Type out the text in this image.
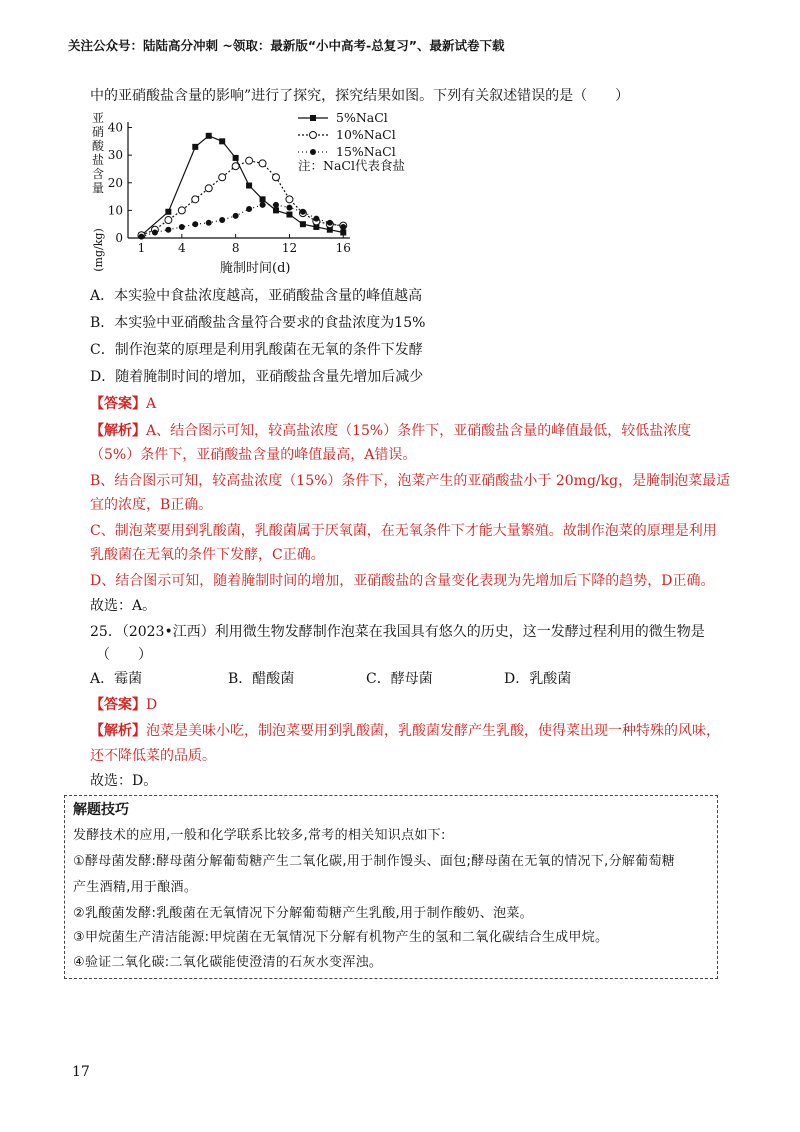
关注公众号：陆陆高分冲刺 ~领取：最新版“小中高考-总复习”、最新试卷下载
中的亚硝酸盐含量的影响”进行了探究，探究结果如图。下列有关叙述错误的是（　　）
亚
硝
酸
盐
含
量
(mg/kg) 0
10
20
30
40
1	4	8	12	16
腌制时间(d)
5%NaCl
10%NaCl
15%NaCl
注：NaCl代表食盐
A．本实验中食盐浓度越高，亚硝酸盐含量的峰值越高
B．本实验中亚硝酸盐含量符合要求的食盐浓度为15%
C．制作泡菜的原理是利用乳酸菌在无氧的条件下发酵
D．随着腌制时间的增加，亚硝酸盐含量先增加后减少
【答案】A
【解析】A、结合图示可知，较高盐浓度（15%）条件下，亚硝酸盐含量的峰值最低，较低盐浓度
（5%）条件下，亚硝酸盐含量的峰值最高，A错误。
B、结合图示可知，较高盐浓度（15%）条件下，泡菜产生的亚硝酸盐小于 20mg/kg，是腌制泡菜最适
宜的浓度，B正确。
C、制泡菜要用到乳酸菌，乳酸菌属于厌氧菌，在无氧条件下才能大量繁殖。故制作泡菜的原理是利用
乳酸菌在无氧的条件下发酵，C正确。
D、结合图示可知，随着腌制时间的增加，亚硝酸盐的含量变化表现为先增加后下降的趋势，D正确。
故选：A。
25．（2023•江西）利用微生物发酵制作泡菜在我国具有悠久的历史，这一发酵过程利用的微生物是
（　　）
A．霉菌	B．醋酸菌	C．酵母菌	D．乳酸菌
【答案】D
【解析】泡菜是美味小吃，制泡菜要用到乳酸菌，乳酸菌发酵产生乳酸，使得菜出现一种特殊的风味，
还不降低菜的品质。
故选：D。
解题技巧
发酵技术的应用,一般和化学联系比较多,常考的相关知识点如下:
①酵母菌发酵:酵母菌分解葡萄糖产生二氧化碳,用于制作馒头、面包;酵母菌在无氧的情况下,分解葡萄糖
产生酒精,用于酿酒。
②乳酸菌发酵:乳酸菌在无氧情况下分解葡萄糖产生乳酸,用于制作酸奶、泡菜。
③甲烷菌生产清洁能源:甲烷菌在无氧情况下分解有机物产生的氢和二氧化碳结合生成甲烷。
④验证二氧化碳:二氧化碳能使澄清的石灰水变浑浊。
17
